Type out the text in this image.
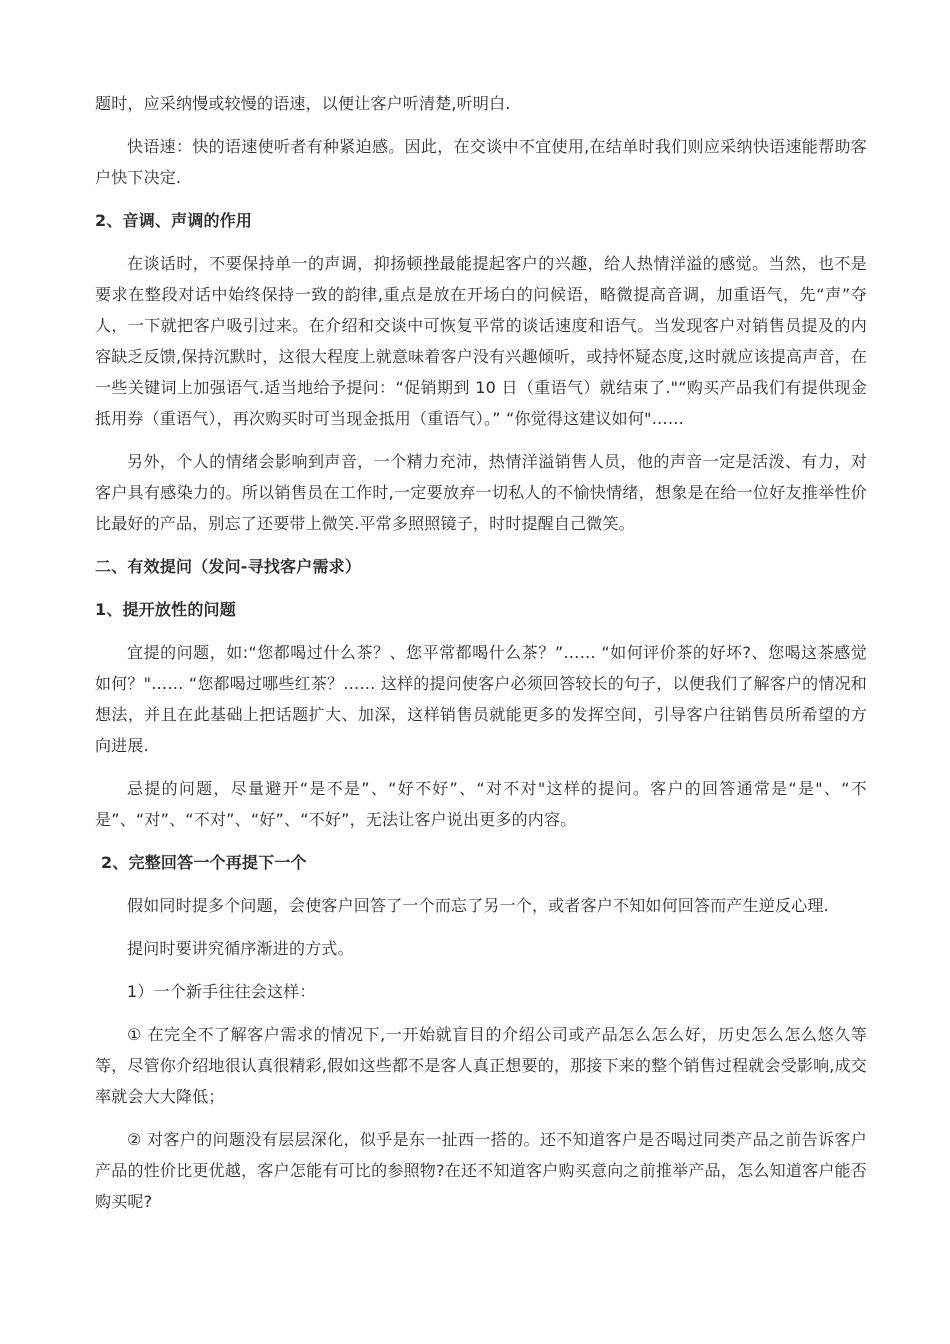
题时，应采纳慢或较慢的语速，以便让客户听清楚,听明白.

快语速：快的语速使听者有种紧迫感。因此，在交谈中不宜使用,在结单时我们则应采纳快语速能帮助客户快下决定.

2、音调、声调的作用

在谈话时，不要保持单一的声调，抑扬顿挫最能提起客户的兴趣，给人热情洋溢的感觉。当然，也不是要求在整段对话中始终保持一致的韵律,重点是放在开场白的问候语，略微提高音调，加重语气，先“声”夺人，一下就把客户吸引过来。在介绍和交谈中可恢复平常的谈话速度和语气。当发现客户对销售员提及的内容缺乏反馈,保持沉默时，这很大程度上就意味着客户没有兴趣倾听，或持怀疑态度,这时就应该提高声音，在一些关键词上加强语气.适当地给予提问：“促销期到 10 日（重语气）就结束了."“购买产品我们有提供现金抵用券（重语气），再次购买时可当现金抵用（重语气）。” “你觉得这建议如何"……

另外，个人的情绪会影响到声音，一个精力充沛，热情洋溢销售人员，他的声音一定是活泼、有力，对客户具有感染力的。所以销售员在工作时,一定要放弃一切私人的不愉快情绪，想象是在给一位好友推举性价比最好的产品，别忘了还要带上微笑.平常多照照镜子，时时提醒自己微笑。

二、有效提问（发问-寻找客户需求）
1、提开放性的问题

宜提的问题，如:“您都喝过什么茶？、您平常都喝什么茶？”…… “如何评价茶的好坏?、您喝这茶感觉如何？"…… “您都喝过哪些红茶？…… 这样的提问使客户必须回答较长的句子，以便我们了解客户的情况和想法，并且在此基础上把话题扩大、加深，这样销售员就能更多的发挥空间，引导客户往销售员所希望的方向进展.

忌提的问题，尽量避开“是不是”、“好不好”、“对不对"这样的提问。客户的回答通常是“是"、“不是”、“对”、“不对”、“好”、“不好”，无法让客户说出更多的内容。

2、完整回答一个再提下一个

假如同时提多个问题，会使客户回答了一个而忘了另一个，或者客户不知如何回答而产生逆反心理.

提问时要讲究循序渐进的方式。

1）一个新手往往会这样：

① 在完全不了解客户需求的情况下,一开始就盲目的介绍公司或产品怎么怎么好，历史怎么怎么悠久等等，尽管你介绍地很认真很精彩,假如这些都不是客人真正想要的，那接下来的整个销售过程就会受影响,成交率就会大大降低；

② 对客户的问题没有层层深化，似乎是东一扯西一搭的。还不知道客户是否喝过同类产品之前告诉客户产品的性价比更优越，客户怎能有可比的参照物?在还不知道客户购买意向之前推举产品，怎么知道客户能否购买呢?
